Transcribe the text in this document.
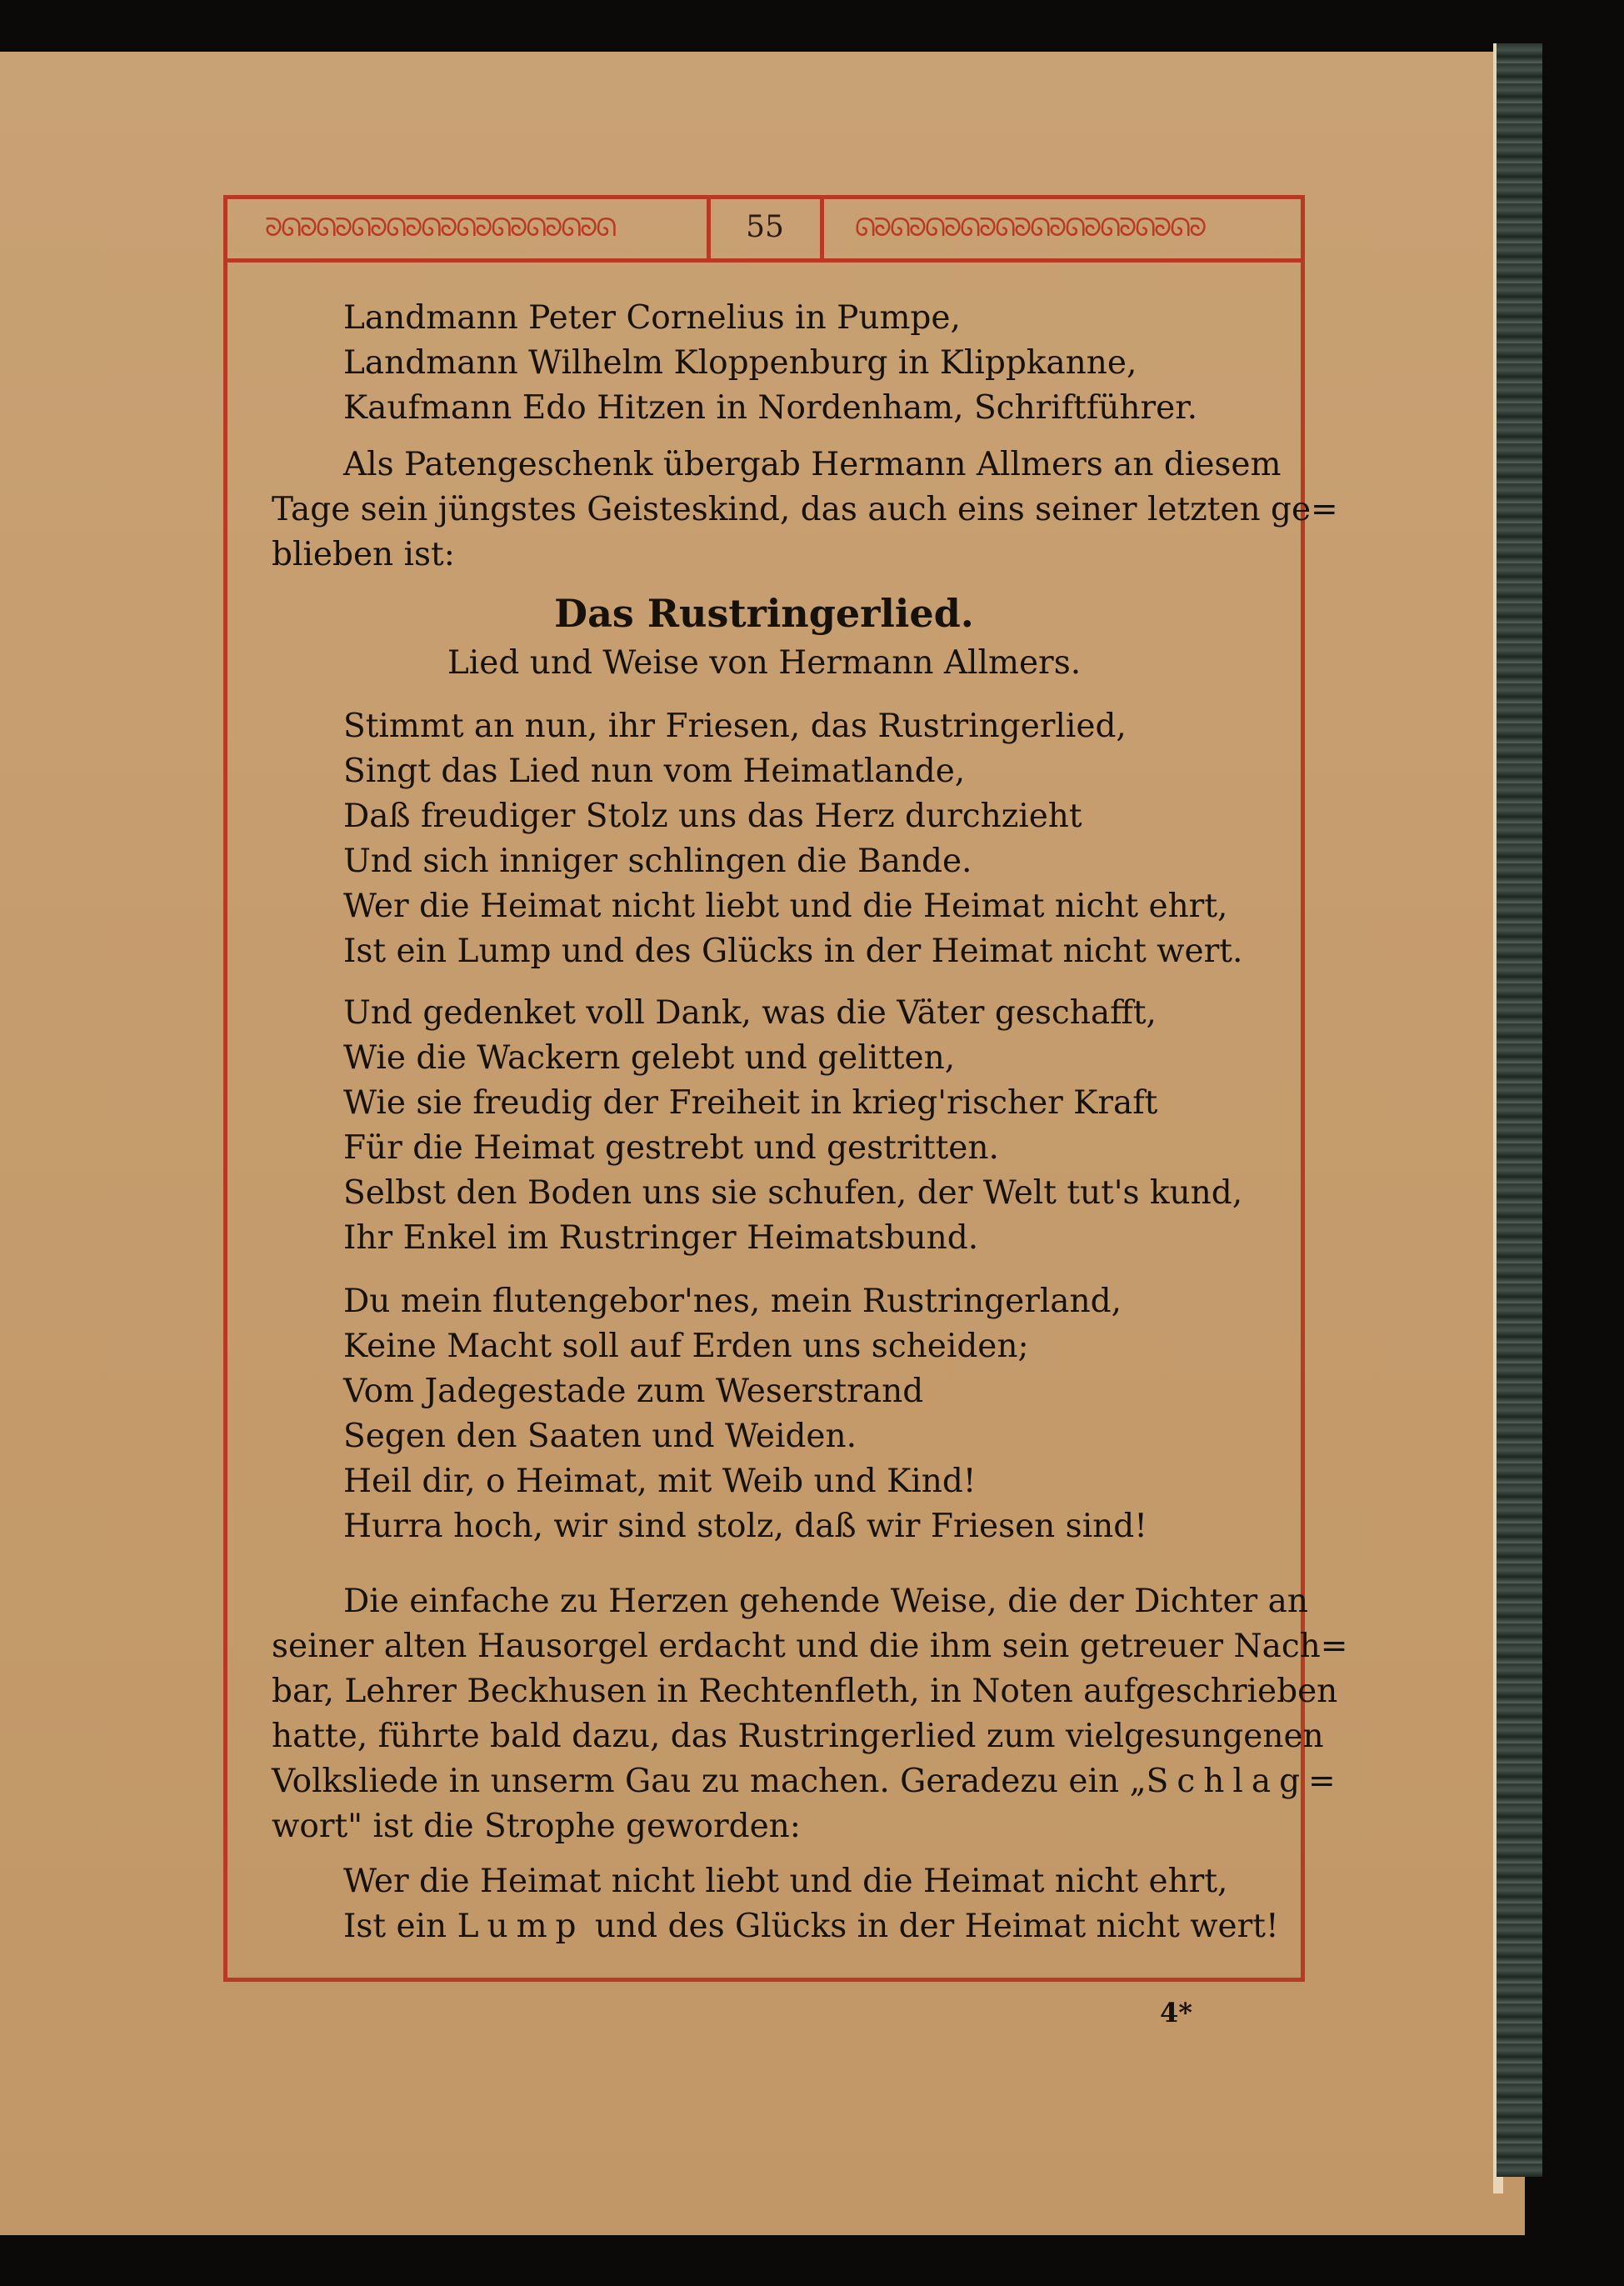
ᘐᘏᘐᘏᘐᘏᘐᘏᘐᘏᘐᘏᘐᘏᘐᘏᘐᘏᘐᘏ	ᘏᘐᘏᘐᘏᘐᘏᘐᘏᘐᘏᘐᘏᘐᘏᘐᘏᘐᘏᘐ
55
Landmann Peter Cornelius in Pumpe,
Landmann Wilhelm Kloppenburg in Klippkanne,
Kaufmann Edo Hitzen in Nordenham, Schriftführer.
Als Patengeschenk übergab Hermann Allmers an diesem
Tage sein jüngstes Geisteskind, das auch eins seiner letzten ge=
blieben ist:
Das Rustringerlied.
Lied und Weise von Hermann Allmers.
Stimmt an nun, ihr Friesen, das Rustringerlied,
Singt das Lied nun vom Heimatlande,
Daß freudiger Stolz uns das Herz durchzieht
Und sich inniger schlingen die Bande.
Wer die Heimat nicht liebt und die Heimat nicht ehrt,
Ist ein Lump und des Glücks in der Heimat nicht wert.
Und gedenket voll Dank, was die Väter geschafft,
Wie die Wackern gelebt und gelitten,
Wie sie freudig der Freiheit in krieg'rischer Kraft
Für die Heimat gestrebt und gestritten.
Selbst den Boden uns sie schufen, der Welt tut's kund,
Ihr Enkel im Rustringer Heimatsbund.
Du mein flutengebor'nes, mein Rustringerland,
Keine Macht soll auf Erden uns scheiden;
Vom Jadegestade zum Weserstrand
Segen den Saaten und Weiden.
Heil dir, o Heimat, mit Weib und Kind!
Hurra hoch, wir sind stolz, daß wir Friesen sind!
Die einfache zu Herzen gehende Weise, die der Dichter an
seiner alten Hausorgel erdacht und die ihm sein getreuer Nach=
bar, Lehrer Beckhusen in Rechtenfleth, in Noten aufgeschrieben
hatte, führte bald dazu, das Rustringerlied zum vielgesungenen
Volksliede in unserm Gau zu machen. Geradezu ein „Schlag=
wort" ist die Strophe geworden:
Wer die Heimat nicht liebt und die Heimat nicht ehrt,
Ist ein Lump und des Glücks in der Heimat nicht wert!
4*
